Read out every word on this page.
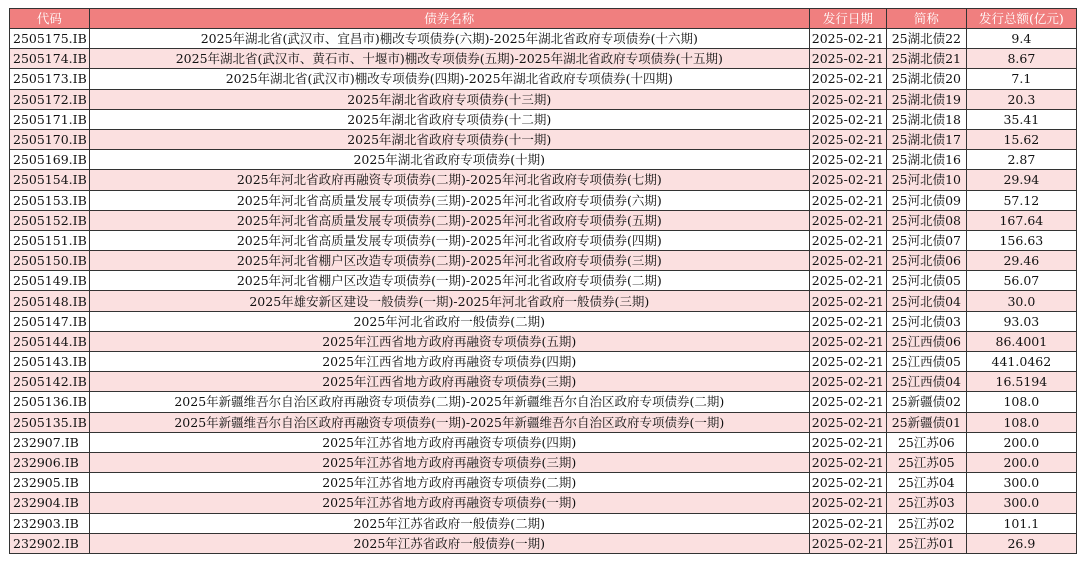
代码	债券名称	发行日期	简称	发行总额(亿元)
2505175.IB	2025年湖北省(武汉市、宜昌市)棚改专项债券(六期)-2025年湖北省政府专项债券(十六期)	2025-02-21	25湖北债22	9.4
2505174.IB	2025年湖北省(武汉市、黄石市、十堰市)棚改专项债券(五期)-2025年湖北省政府专项债券(十五期)	2025-02-21	25湖北债21	8.67
2505173.IB	2025年湖北省(武汉市)棚改专项债券(四期)-2025年湖北省政府专项债券(十四期)	2025-02-21	25湖北债20	7.1
2505172.IB	2025年湖北省政府专项债券(十三期)	2025-02-21	25湖北债19	20.3
2505171.IB	2025年湖北省政府专项债券(十二期)	2025-02-21	25湖北债18	35.41
2505170.IB	2025年湖北省政府专项债券(十一期)	2025-02-21	25湖北债17	15.62
2505169.IB	2025年湖北省政府专项债券(十期)	2025-02-21	25湖北债16	2.87
2505154.IB	2025年河北省政府再融资专项债券(二期)-2025年河北省政府专项债券(七期)	2025-02-21	25河北债10	29.94
2505153.IB	2025年河北省高质量发展专项债券(三期)-2025年河北省政府专项债券(六期)	2025-02-21	25河北债09	57.12
2505152.IB	2025年河北省高质量发展专项债券(二期)-2025年河北省政府专项债券(五期)	2025-02-21	25河北债08	167.64
2505151.IB	2025年河北省高质量发展专项债券(一期)-2025年河北省政府专项债券(四期)	2025-02-21	25河北债07	156.63
2505150.IB	2025年河北省棚户区改造专项债券(二期)-2025年河北省政府专项债券(三期)	2025-02-21	25河北债06	29.46
2505149.IB	2025年河北省棚户区改造专项债券(一期)-2025年河北省政府专项债券(二期)	2025-02-21	25河北债05	56.07
2505148.IB	2025年雄安新区建设一般债券(一期)-2025年河北省政府一般债券(三期)	2025-02-21	25河北债04	30.0
2505147.IB	2025年河北省政府一般债券(二期)	2025-02-21	25河北债03	93.03
2505144.IB	2025年江西省地方政府再融资专项债券(五期)	2025-02-21	25江西债06	86.4001
2505143.IB	2025年江西省地方政府再融资专项债券(四期)	2025-02-21	25江西债05	441.0462
2505142.IB	2025年江西省地方政府再融资专项债券(三期)	2025-02-21	25江西债04	16.5194
2505136.IB	2025年新疆维吾尔自治区政府再融资专项债券(二期)-2025年新疆维吾尔自治区政府专项债券(二期)	2025-02-21	25新疆债02	108.0
2505135.IB	2025年新疆维吾尔自治区政府再融资专项债券(一期)-2025年新疆维吾尔自治区政府专项债券(一期)	2025-02-21	25新疆债01	108.0
232907.IB	2025年江苏省地方政府再融资专项债券(四期)	2025-02-21	25江苏06	200.0
232906.IB	2025年江苏省地方政府再融资专项债券(三期)	2025-02-21	25江苏05	200.0
232905.IB	2025年江苏省地方政府再融资专项债券(二期)	2025-02-21	25江苏04	300.0
232904.IB	2025年江苏省地方政府再融资专项债券(一期)	2025-02-21	25江苏03	300.0
232903.IB	2025年江苏省政府一般债券(二期)	2025-02-21	25江苏02	101.1
232902.IB	2025年江苏省政府一般债券(一期)	2025-02-21	25江苏01	26.9
